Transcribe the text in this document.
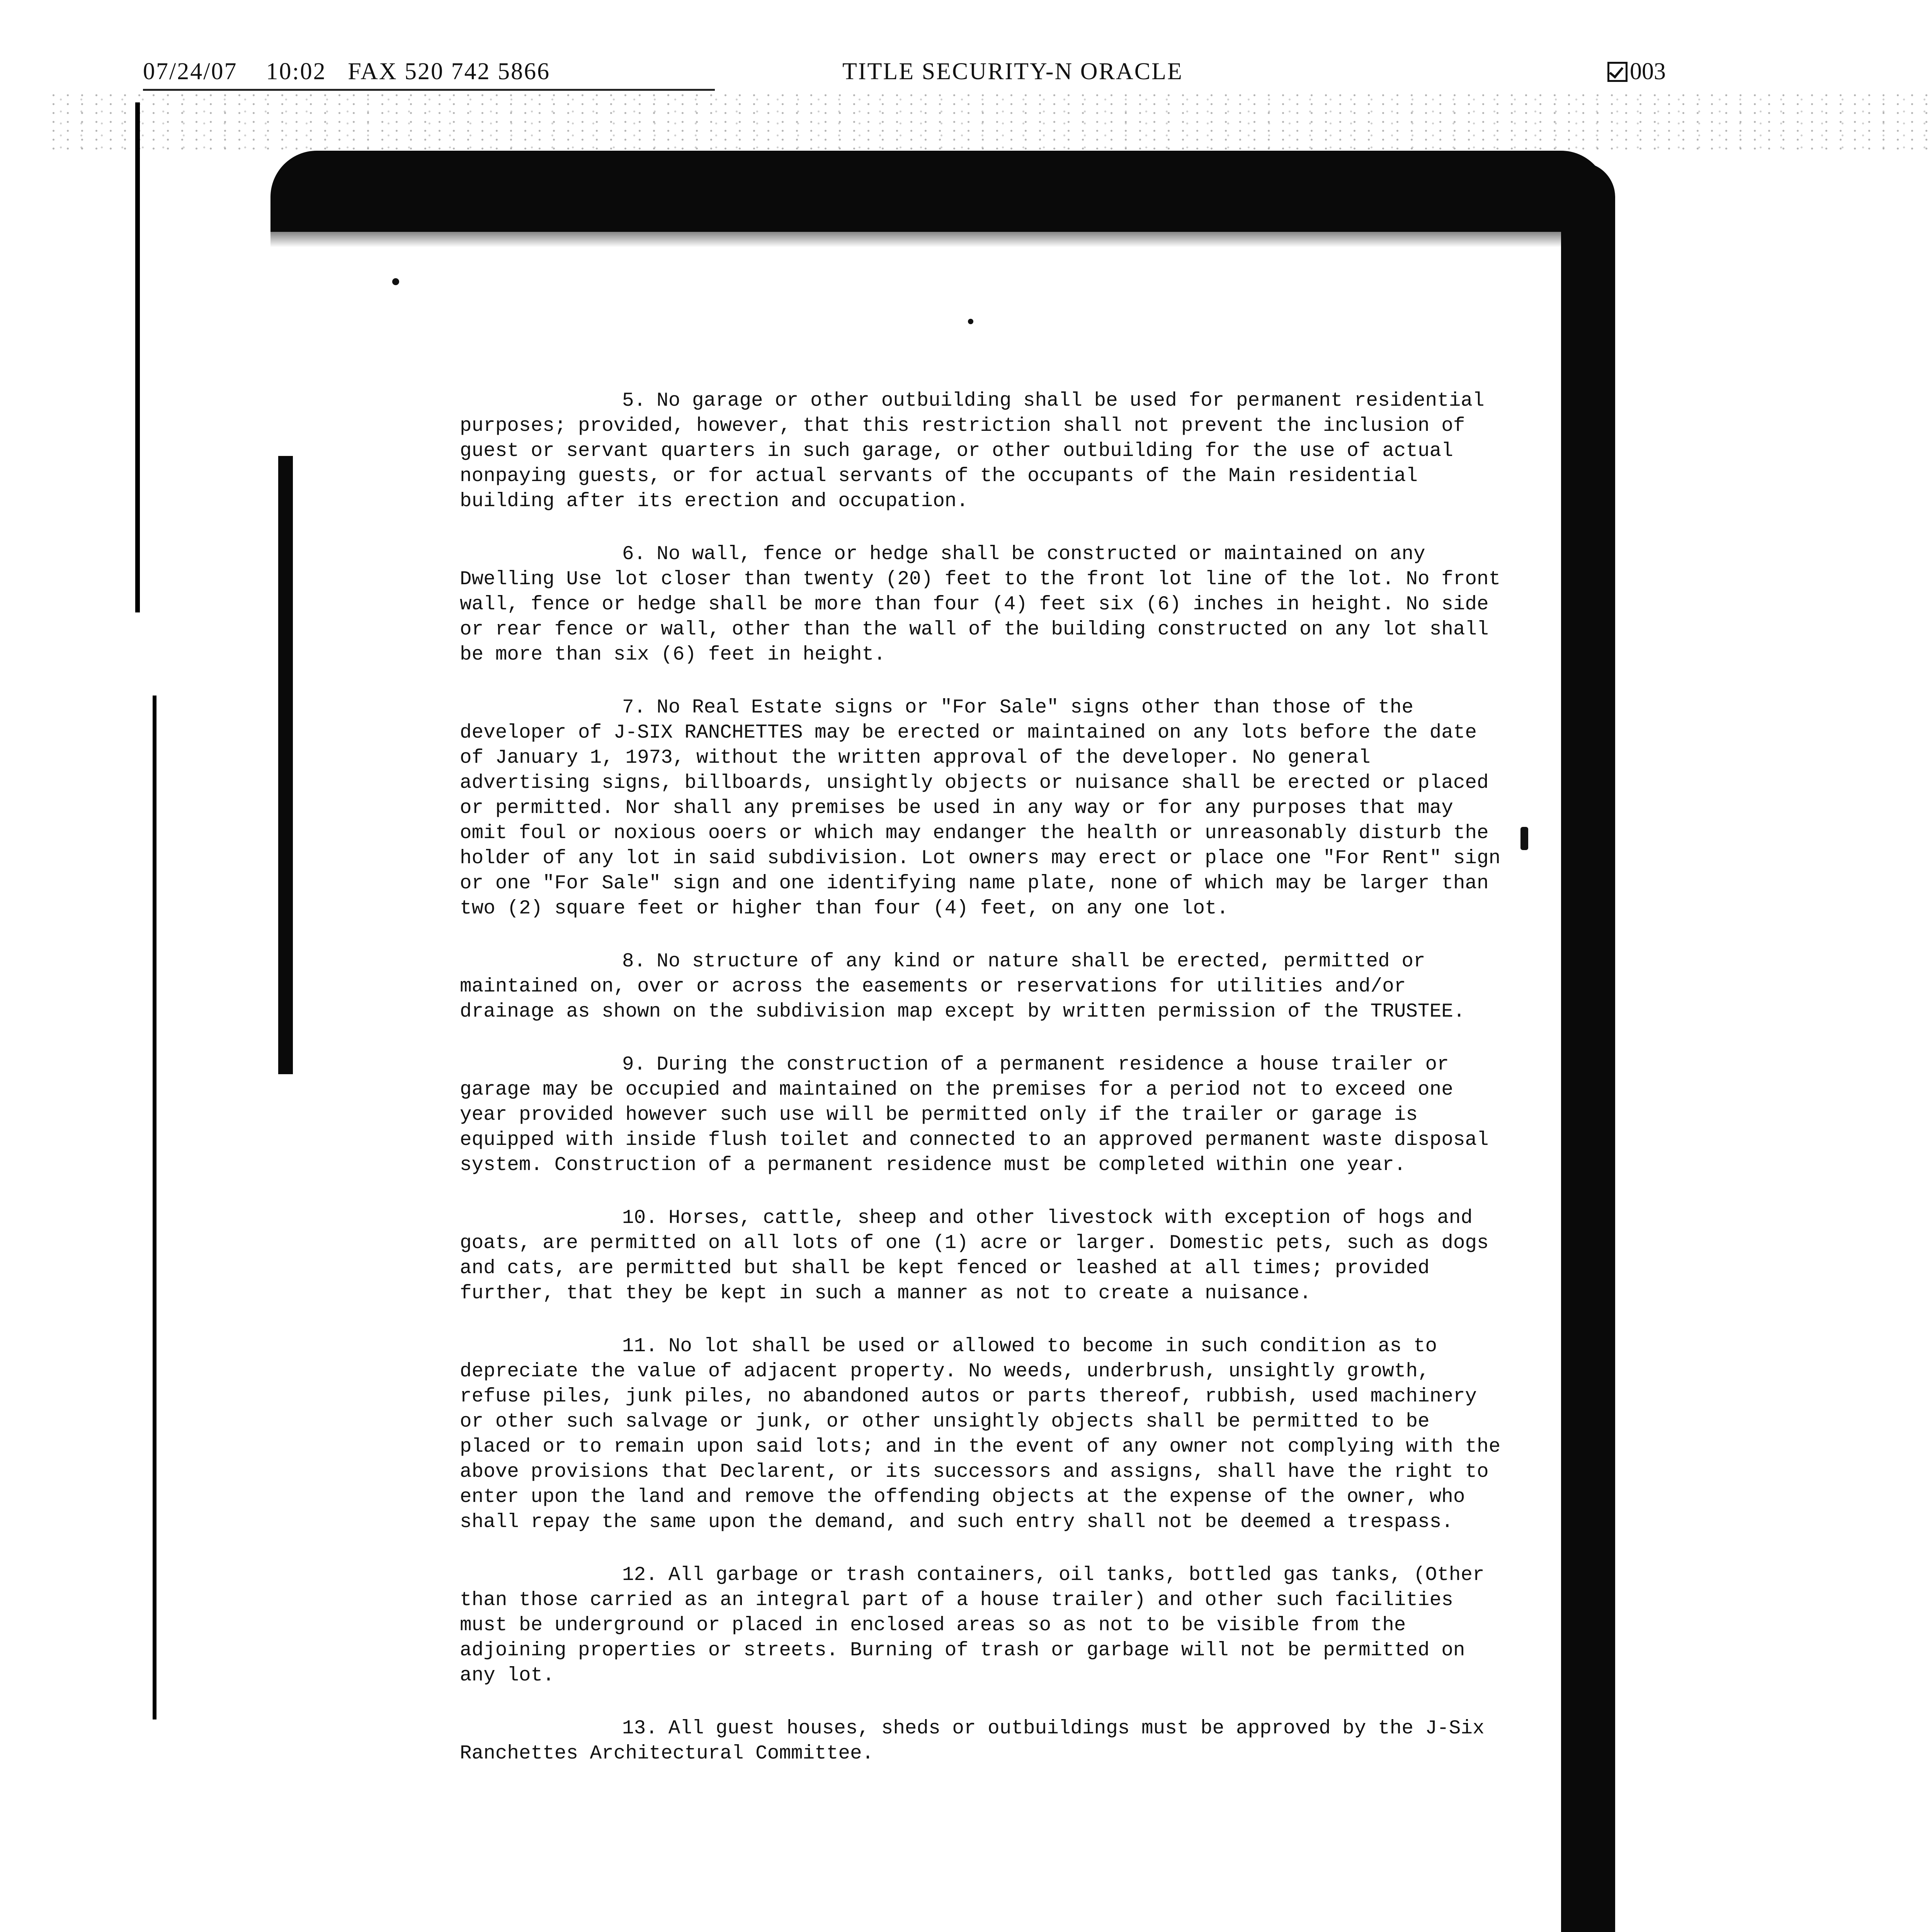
07/24/07 10:02 FAX 520 742 5866	TITLE SECURITY-N ORACLE	003

5. No garage or other outbuilding shall be used for permanent residential purposes; provided, however, that this restriction shall not prevent the inclusion of guest or servant quarters in such garage, or other outbuilding for the use of actual nonpaying guests, or for actual servants of the occupants of the Main residential building after its erection and occupation.

6. No wall, fence or hedge shall be constructed or maintained on any Dwelling Use lot closer than twenty (20) feet to the front lot line of the lot. No front wall, fence or hedge shall be more than four (4) feet six (6) inches in height. No side or rear fence or wall, other than the wall of the building constructed on any lot shall be more than six (6) feet in height.

7. No Real Estate signs or "For Sale" signs other than those of the developer of J-SIX RANCHETTES may be erected or maintained on any lots before the date of January 1, 1973, without the written approval of the developer. No general advertising signs, billboards, unsightly objects or nuisance shall be erected or placed or permitted. Nor shall any premises be used in any way or for any purposes that may omit foul or noxious ooers or which may endanger the health or unreasonably disturb the holder of any lot in said subdivision. Lot owners may erect or place one "For Rent" sign or one "For Sale" sign and one identifying name plate, none of which may be larger than two (2) square feet or higher than four (4) feet, on any one lot.

8. No structure of any kind or nature shall be erected, permitted or maintained on, over or across the easements or reservations for utilities and/or drainage as shown on the subdivision map except by written permission of the TRUSTEE.

9. During the construction of a permanent residence a house trailer or garage may be occupied and maintained on the premises for a period not to exceed one year provided however such use will be permitted only if the trailer or garage is equipped with inside flush toilet and connected to an approved permanent waste disposal system. Construction of a permanent residence must be completed within one year.

10. Horses, cattle, sheep and other livestock with exception of hogs and goats, are permitted on all lots of one (1) acre or larger. Domestic pets, such as dogs and cats, are permitted but shall be kept fenced or leashed at all times; provided further, that they be kept in such a manner as not to create a nuisance.

11. No lot shall be used or allowed to become in such condition as to depreciate the value of adjacent property. No weeds, underbrush, unsightly growth, refuse piles, junk piles, no abandoned autos or parts thereof, rubbish, used machinery or other such salvage or junk, or other unsightly objects shall be permitted to be placed or to remain upon said lots; and in the event of any owner not complying with the above provisions that Declarent, or its successors and assigns, shall have the right to enter upon the land and remove the offending objects at the expense of the owner, who shall repay the same upon the demand, and such entry shall not be deemed a trespass.

12. All garbage or trash containers, oil tanks, bottled gas tanks, (Other than those carried as an integral part of a house trailer) and other such facilities must be underground or placed in enclosed areas so as not to be visible from the adjoining properties or streets. Burning of trash or garbage will not be permitted on any lot.

13. All guest houses, sheds or outbuildings must be approved by the J-Six Ranchettes Architectural Committee.
